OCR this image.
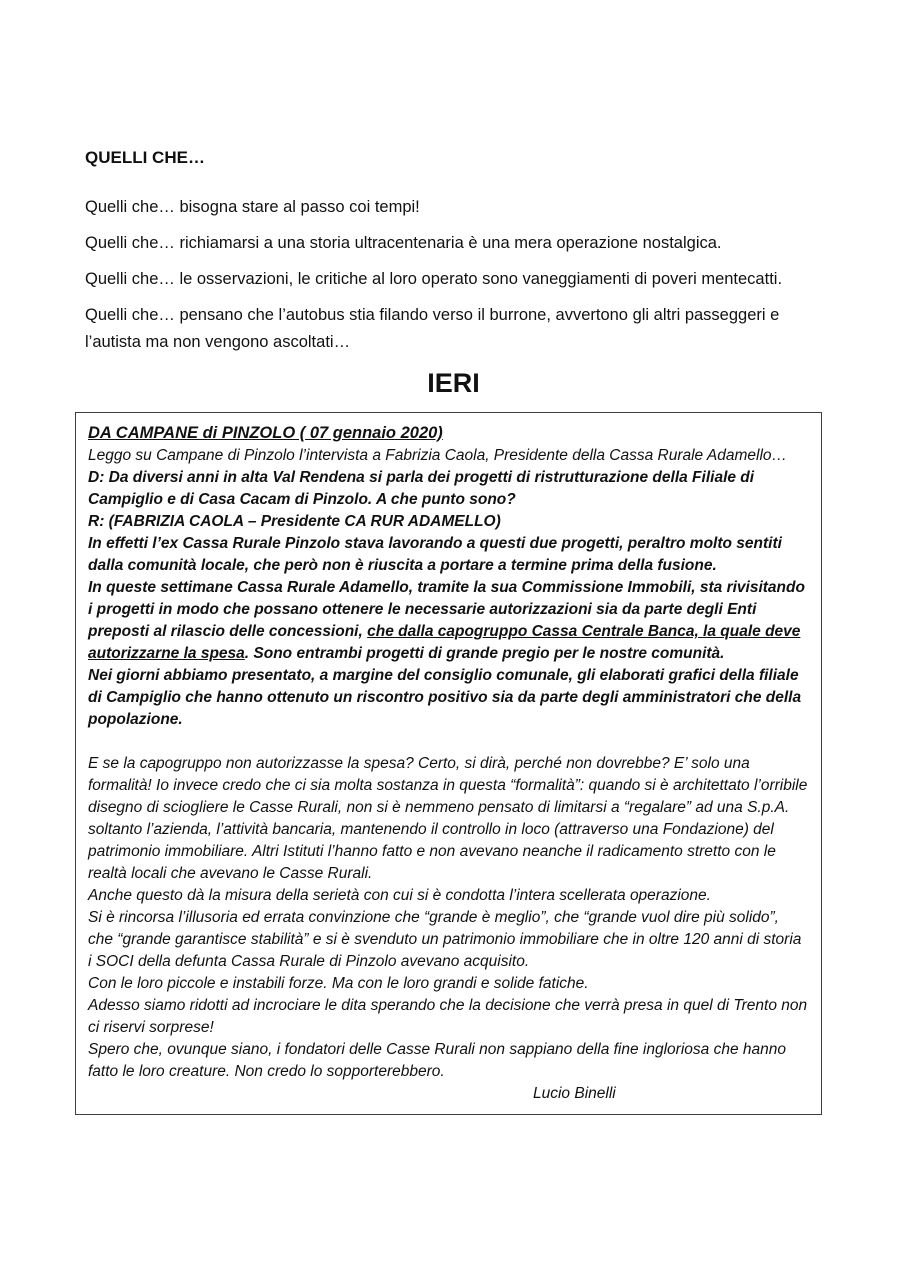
QUELLI CHE…

Quelli che… bisogna stare al passo coi tempi!

Quelli che… richiamarsi a una storia ultracentenaria è una mera operazione nostalgica.

Quelli che… le osservazioni, le critiche al loro operato sono vaneggiamenti di poveri mentecatti.

Quelli che… pensano che l’autobus stia filando verso il burrone, avvertono gli altri passeggeri e l’autista ma non vengono ascoltati…

IERI

DA CAMPANE di PINZOLO ( 07 gennaio 2020)

Leggo su Campane di Pinzolo l’intervista a Fabrizia Caola, Presidente della Cassa Rurale Adamello…

D: Da diversi anni in alta Val Rendena si parla dei progetti di ristrutturazione della Filiale di Campiglio e di Casa Cacam di Pinzolo. A che punto sono?

R: (FABRIZIA CAOLA – Presidente CA RUR ADAMELLO)

In effetti l’ex Cassa Rurale Pinzolo stava lavorando a questi due progetti, peraltro molto sentiti dalla comunità locale, che però non è riuscita a portare a termine prima della fusione.

In queste settimane Cassa Rurale Adamello, tramite la sua Commissione Immobili, sta rivisitando i progetti in modo che possano ottenere le necessarie autorizzazioni sia da parte degli Enti preposti al rilascio delle concessioni, che dalla capogruppo Cassa Centrale Banca, la quale deve autorizzarne la spesa. Sono entrambi progetti di grande pregio per le nostre comunità.

Nei giorni abbiamo presentato, a margine del consiglio comunale, gli elaborati grafici della filiale di Campiglio che hanno ottenuto un riscontro positivo sia da parte degli amministratori che della popolazione.

E se la capogruppo non autorizzasse la spesa? Certo, si dirà, perché non dovrebbe? E’ solo una formalità! Io invece credo che ci sia molta sostanza in questa “formalità”: quando si è architettato l’orribile disegno di sciogliere le Casse Rurali, non si è nemmeno pensato di limitarsi a “regalare” ad una S.p.A. soltanto l’azienda, l’attività bancaria, mantenendo il controllo in loco (attraverso una Fondazione) del patrimonio immobiliare. Altri Istituti l’hanno fatto e non avevano neanche il radicamento stretto con le realtà locali che avevano le Casse Rurali.

Anche questo dà la misura della serietà con cui si è condotta l’intera scellerata operazione.

Si è rincorsa l’illusoria ed errata convinzione che “grande è meglio”, che “grande vuol dire più solido”, che “grande garantisce stabilità” e si è svenduto un patrimonio immobiliare che in oltre 120 anni di storia i SOCI della defunta Cassa Rurale di Pinzolo avevano acquisito.

Con le loro piccole e instabili forze. Ma con le loro grandi e solide fatiche.

Adesso siamo ridotti ad incrociare le dita sperando che la decisione che verrà presa in quel di Trento non ci riservi sorprese!

Spero che, ovunque siano, i fondatori delle Casse Rurali non sappiano della fine ingloriosa che hanno fatto le loro creature. Non credo lo sopporterebbero.

Lucio Binelli
